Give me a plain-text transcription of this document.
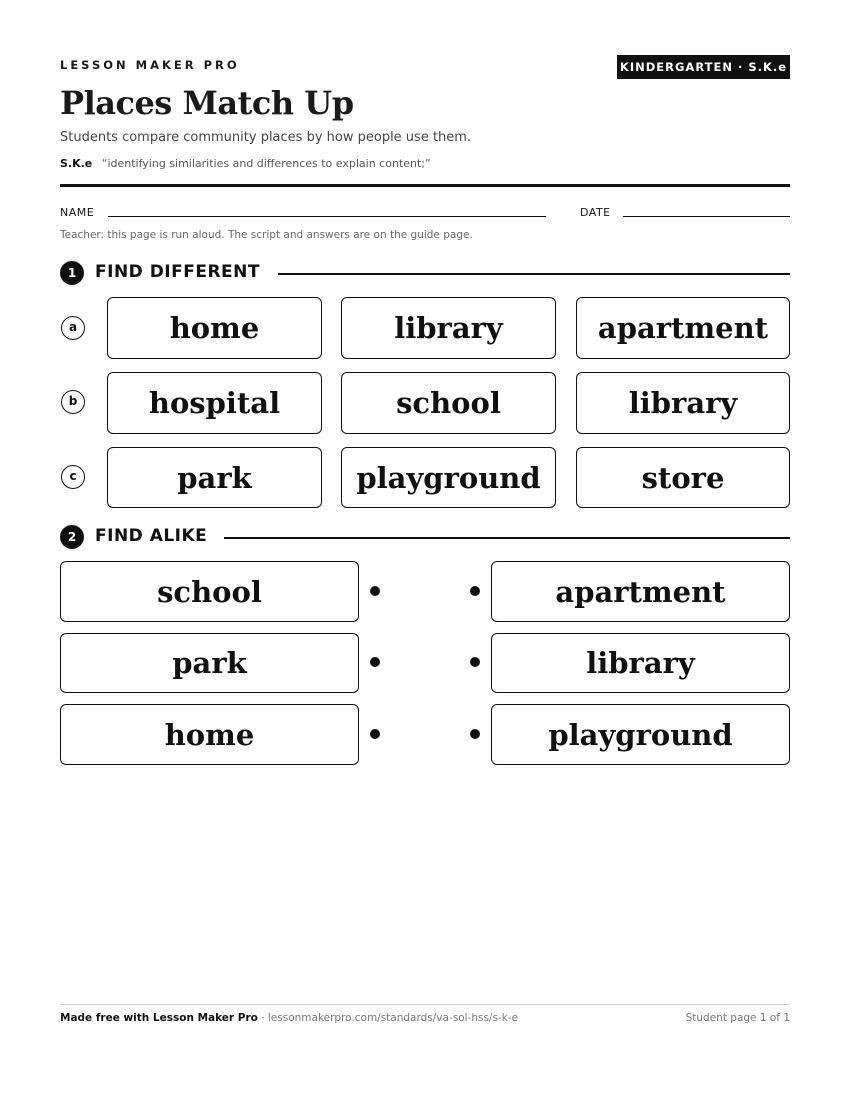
LESSON MAKER PRO	KINDERGARTEN · S.K.e
Places Match Up
Students compare community places by how people use them.
S.K.e “identifying similarities and differences to explain content;”
NAME	DATE
Teacher: this page is run aloud. The script and answers are on the guide page.
1	FIND DIFFERENT
a	home	library	apartment
b	hospital	school	library
c	park	playground	store
2	FIND ALIKE
school	apartment
park	library
home	playground
Made free with Lesson Maker Pro · lessonmakerpro.com/standards/va-sol-hss/s-k-e	Student page 1 of 1
